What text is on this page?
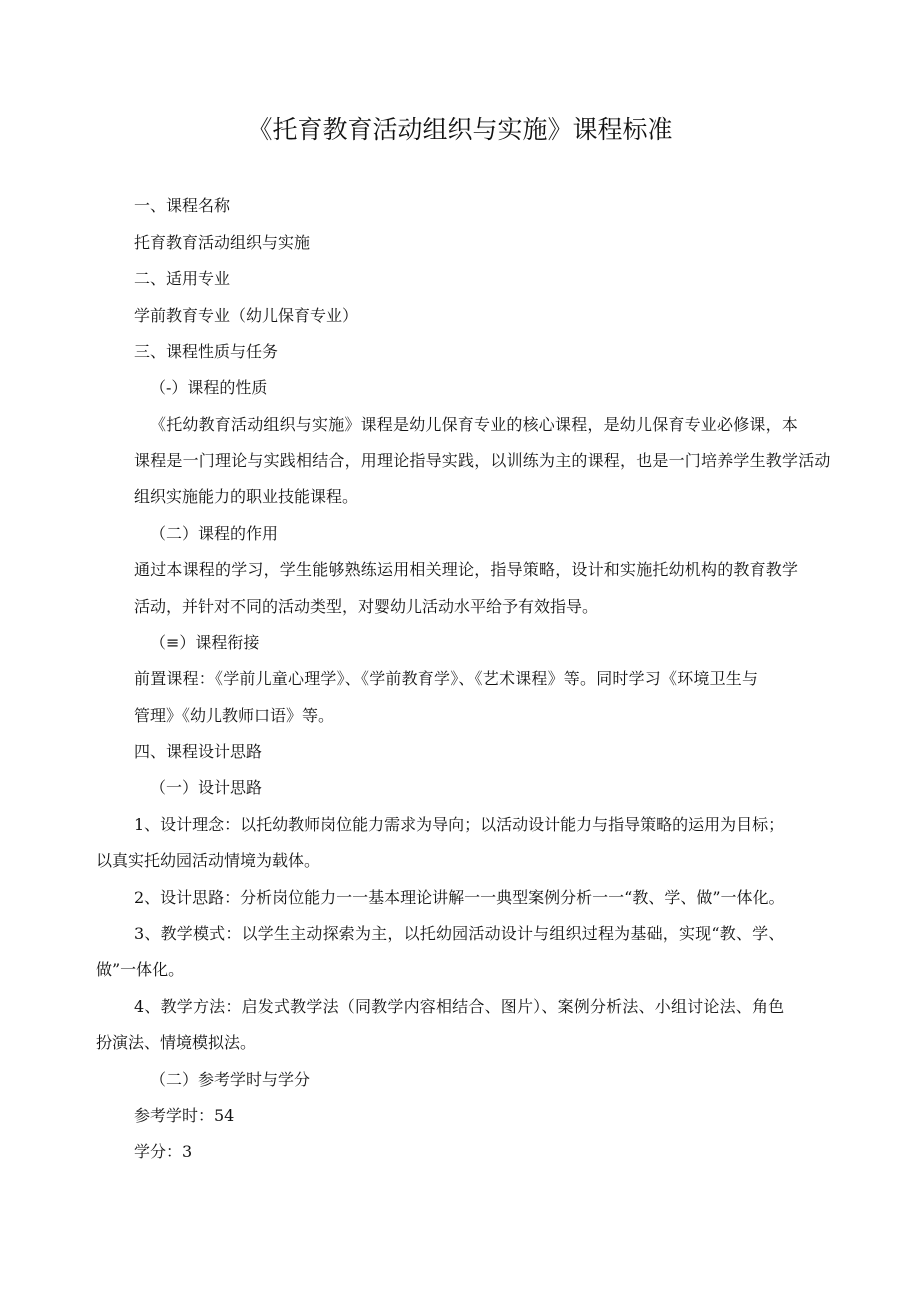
《托育教育活动组织与实施》课程标准

一、课程名称

托育教育活动组织与实施

二、适用专业

学前教育专业（幼儿保育专业）

三、课程性质与任务

（-）课程的性质

《托幼教育活动组织与实施》课程是幼儿保育专业的核心课程，是幼儿保育专业必修课，本

课程是一门理论与实践相结合，用理论指导实践，以训练为主的课程，也是一门培养学生教学活动

组织实施能力的职业技能课程。

（二）课程的作用

通过本课程的学习，学生能够熟练运用相关理论，指导策略，设计和实施托幼机构的教育教学

活动，并针对不同的活动类型，对婴幼儿活动水平给予有效指导。

（≡）课程衔接

前置课程：《学前儿童心理学》、《学前教育学》、《艺术课程》等。同时学习《环境卫生与

管理》《幼儿教师口语》等。

四、课程设计思路

（一）设计思路

1、设计理念：以托幼教师岗位能力需求为导向；以活动设计能力与指导策略的运用为目标；

以真实托幼园活动情境为载体。

2、设计思路：分析岗位能力一一基本理论讲解一一典型案例分析一一“教、学、做”一体化。

3、教学模式：以学生主动探索为主，以托幼园活动设计与组织过程为基础，实现“教、学、

做”一体化。

4、教学方法：启发式教学法（同教学内容相结合、图片）、案例分析法、小组讨论法、角色

扮演法、情境模拟法。

（二）参考学时与学分

参考学时：54

学分：3
